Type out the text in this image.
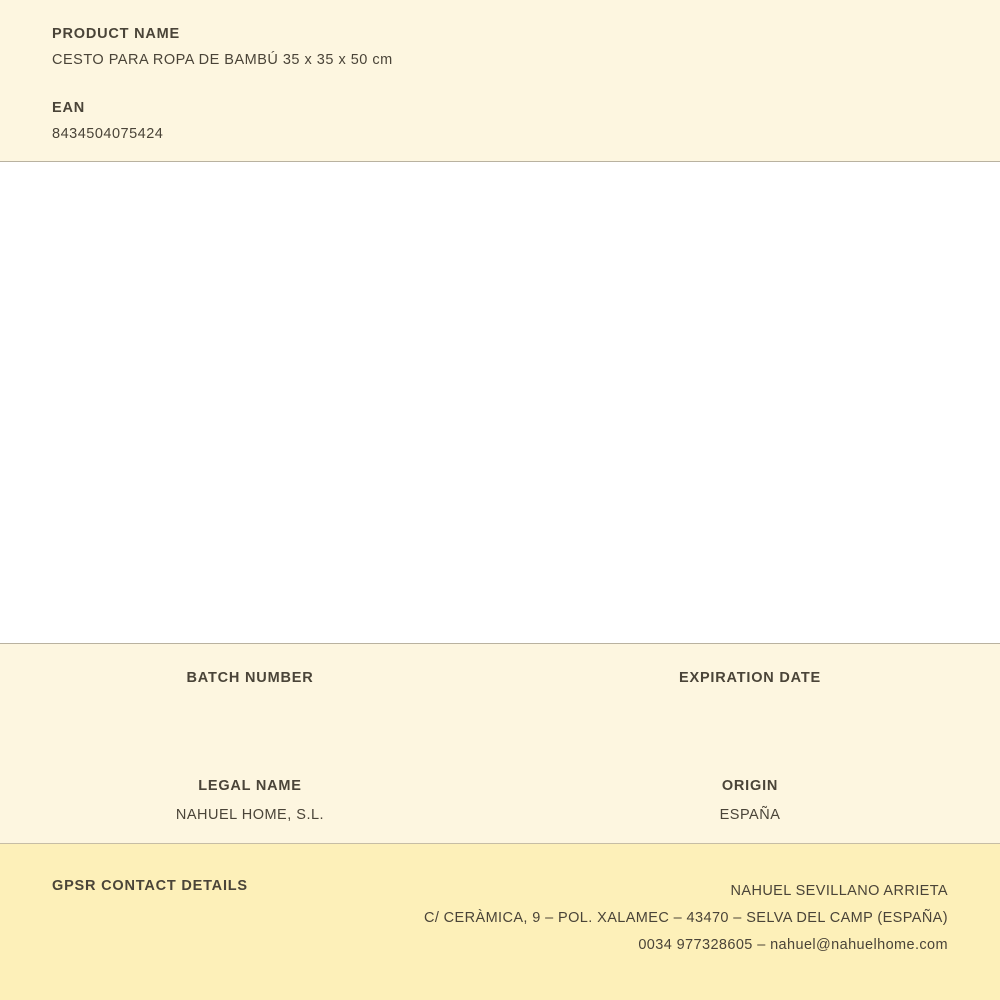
PRODUCT NAME

CESTO PARA ROPA DE BAMBÚ 35 x 35 x 50 cm

EAN

8434504075424

BATCH NUMBER	EXPIRATION DATE

LEGAL NAME

NAHUEL HOME, S.L.

ORIGIN

ESPAÑA

GPSR CONTACT DETAILS	NAHUEL SEVILLANO ARRIETA
C/ CERÀMICA, 9 – POL. XALAMEC – 43470 – SELVA DEL CAMP (ESPAÑA)
0034 977328605 – nahuel@nahuelhome.com
